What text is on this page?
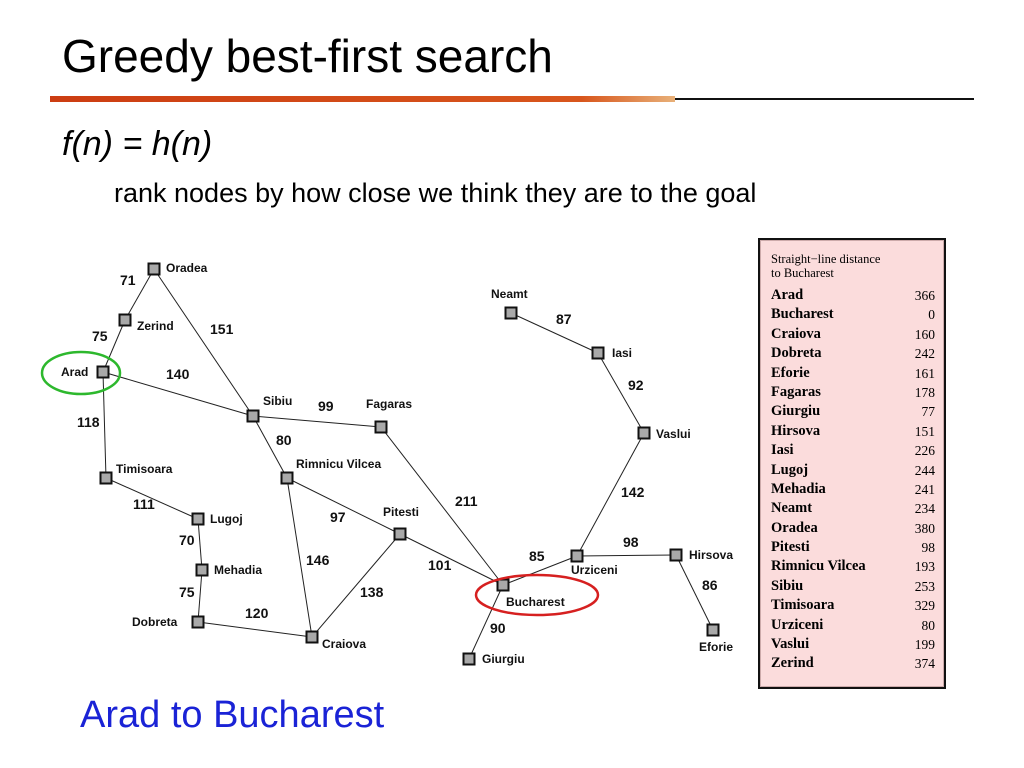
Greedy best-first search
f(n) = h(n)
rank nodes by how close we think they are to the goal
71
75	151
140
118
111
70
75
120
99
80
97
146
138
211
101
90
85
98
86
142
92
87
Oradea
Zerind
Arad
Sibiu	Fagaras
Timisoara	Rimnicu Vilcea
Lugoj
Mehadia
Dobreta
Craiova
Pitesti
Bucharest
Giurgiu
Urziceni
Hirsova
Eforie
Vaslui
Iasi
Neamt
Straight−line distance
to Bucharest
Arad	366
Bucharest	0
Craiova	160
Dobreta	242
Eforie	161
Fagaras	178
Giurgiu	77
Hirsova	151
Iasi	226
Lugoj	244
Mehadia	241
Neamt	234
Oradea	380
Pitesti	98
Rimnicu Vilcea	193
Sibiu	253
Timisoara	329
Urziceni	80
Vaslui	199
Zerind	374
Arad to Bucharest
